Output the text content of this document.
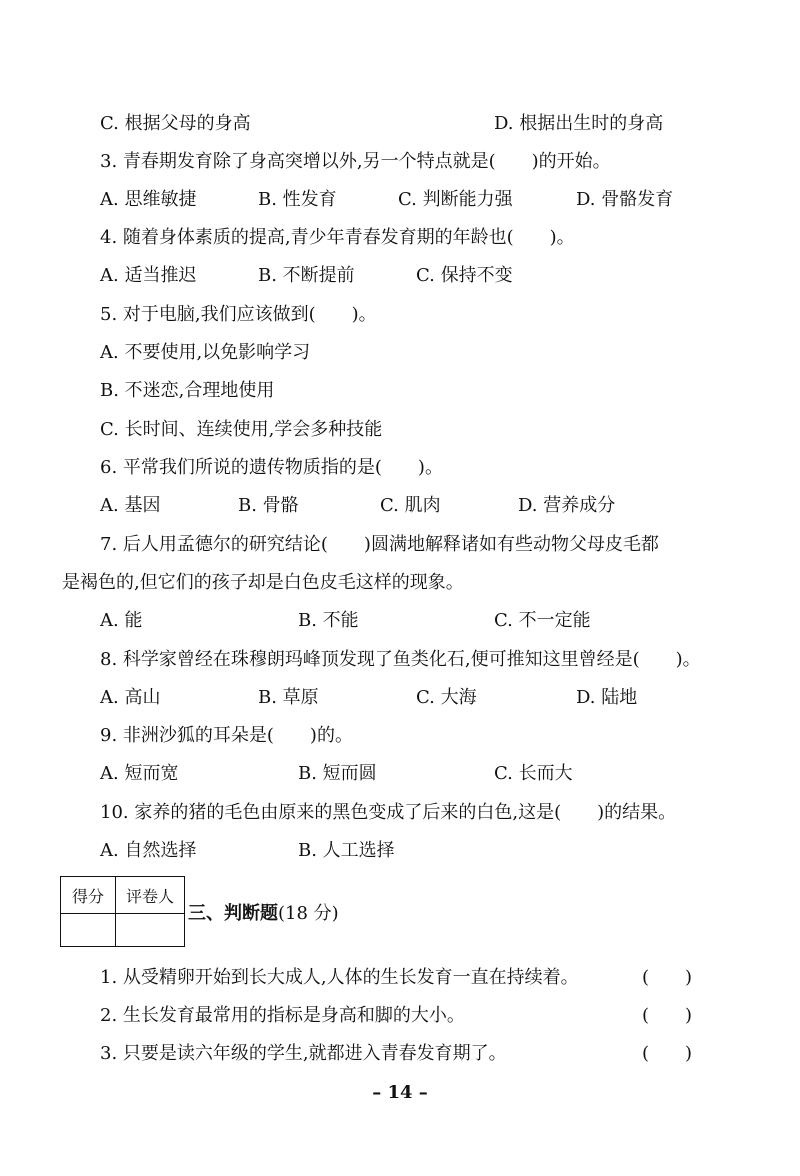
C. 根据父母的身高	D. 根据出生时的身高
3. 青春期发育除了身高突增以外,另一个特点就是(　　)的开始。
A. 思维敏捷	B. 性发育	C. 判断能力强	D. 骨骼发育
4. 随着身体素质的提高,青少年青春发育期的年龄也(　　)。
A. 适当推迟	B. 不断提前	C. 保持不变
5. 对于电脑,我们应该做到(　　)。
A. 不要使用,以免影响学习
B. 不迷恋,合理地使用
C. 长时间、连续使用,学会多种技能
6. 平常我们所说的遗传物质指的是(　　)。
A. 基因	B. 骨骼	C. 肌肉	D. 营养成分
7. 后人用孟德尔的研究结论(　　)圆满地解释诸如有些动物父母皮毛都
是褐色的,但它们的孩子却是白色皮毛这样的现象。
A. 能	B. 不能	C. 不一定能
8. 科学家曾经在珠穆朗玛峰顶发现了鱼类化石,便可推知这里曾经是(　　)。
A. 高山	B. 草原	C. 大海	D. 陆地
9. 非洲沙狐的耳朵是(　　)的。
A. 短而宽	B. 短而圆	C. 长而大
10. 家养的猪的毛色由原来的黑色变成了后来的白色,这是(　　)的结果。
A. 自然选择	B. 人工选择
得分	评卷人

三、判断题(18 分)
1. 从受精卵开始到长大成人,人体的生长发育一直在持续着。	(　　)
2. 生长发育最常用的指标是身高和脚的大小。	(　　)
3. 只要是读六年级的学生,就都进入青春发育期了。	(　　)
– 14 –
